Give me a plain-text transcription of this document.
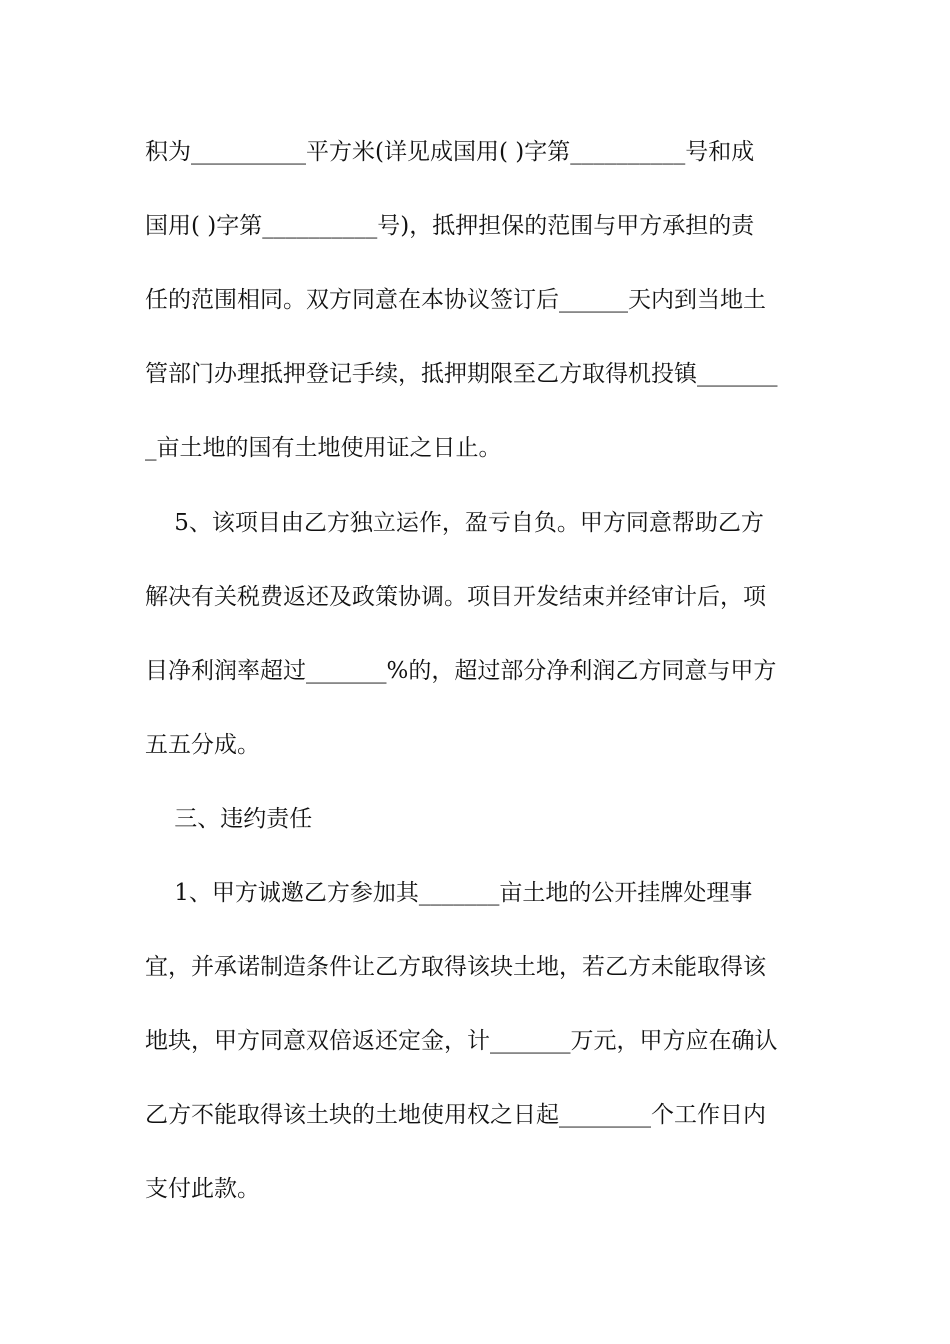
积为__________平方米(详见成国用( )字第__________号和成
国用( )字第__________号)，抵押担保的范围与甲方承担的责
任的范围相同。双方同意在本协议签订后______天内到当地土
管部门办理抵押登记手续，抵押期限至乙方取得机投镇_______
_亩土地的国有土地使用证之日止。
5、该项目由乙方独立运作，盈亏自负。甲方同意帮助乙方
解决有关税费返还及政策协调。项目开发结束并经审计后，项
目净利润率超过_______%的，超过部分净利润乙方同意与甲方
五五分成。
三、违约责任
1、甲方诚邀乙方参加其_______亩土地的公开挂牌处理事
宜，并承诺制造条件让乙方取得该块土地，若乙方未能取得该
地块，甲方同意双倍返还定金，计_______万元，甲方应在确认
乙方不能取得该土块的土地使用权之日起________个工作日内
支付此款。
